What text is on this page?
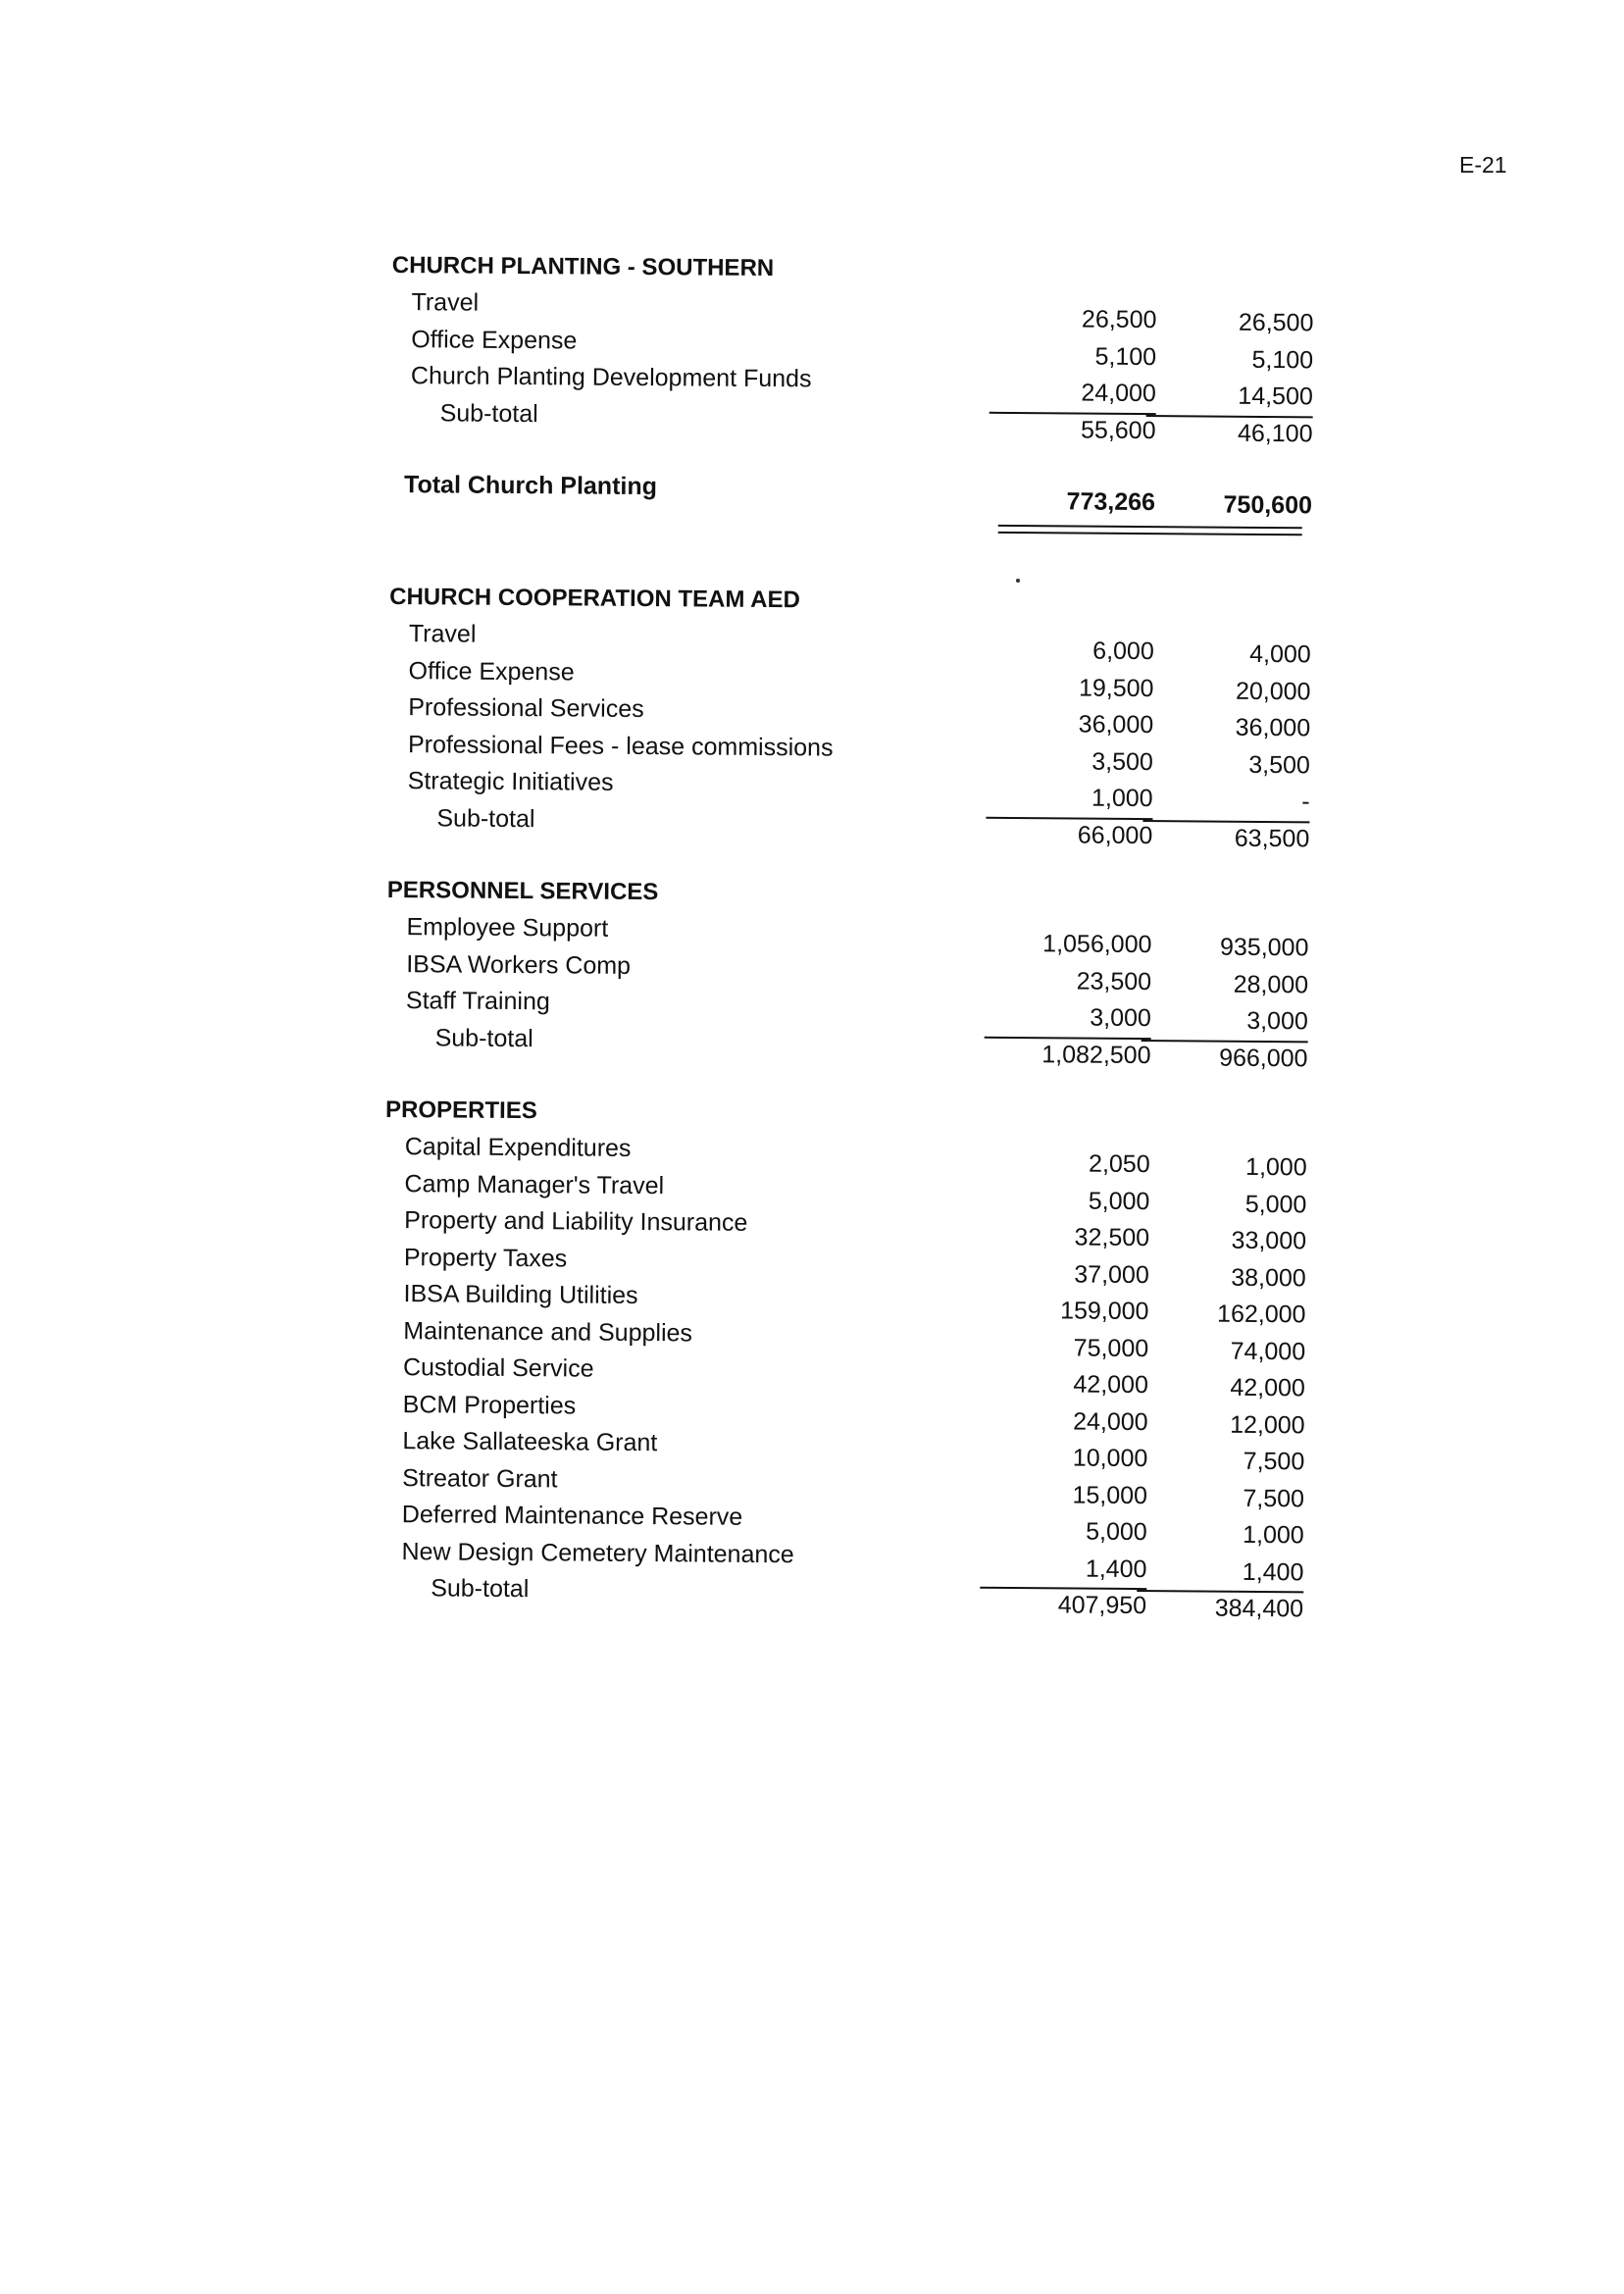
E-21
CHURCH PLANTING - SOUTHERN
Travel
26,500	26,500
Office Expense
5,100	5,100
Church Planting Development Funds
24,000	14,500
Sub-total
55,600	46,100
Total Church Planting
773,266	750,600
CHURCH COOPERATION TEAM AED
Travel
6,000	4,000
Office Expense
19,500	20,000
Professional Services
36,000	36,000
Professional Fees - lease commissions
3,500	3,500
Strategic Initiatives
1,000	-
Sub-total
66,000	63,500
PERSONNEL SERVICES
Employee Support
1,056,000	935,000
IBSA Workers Comp
23,500	28,000
Staff Training
3,000	3,000
Sub-total
1,082,500	966,000
PROPERTIES
Capital Expenditures
2,050	1,000
Camp Manager's Travel
5,000	5,000
Property and Liability Insurance
32,500	33,000
Property Taxes
37,000	38,000
IBSA Building Utilities
159,000	162,000
Maintenance and Supplies
75,000	74,000
Custodial Service
42,000	42,000
BCM Properties
24,000	12,000
Lake Sallateeska Grant
10,000	7,500
Streator Grant
15,000	7,500
Deferred Maintenance Reserve
5,000	1,000
New Design Cemetery Maintenance
1,400	1,400
Sub-total
407,950	384,400
